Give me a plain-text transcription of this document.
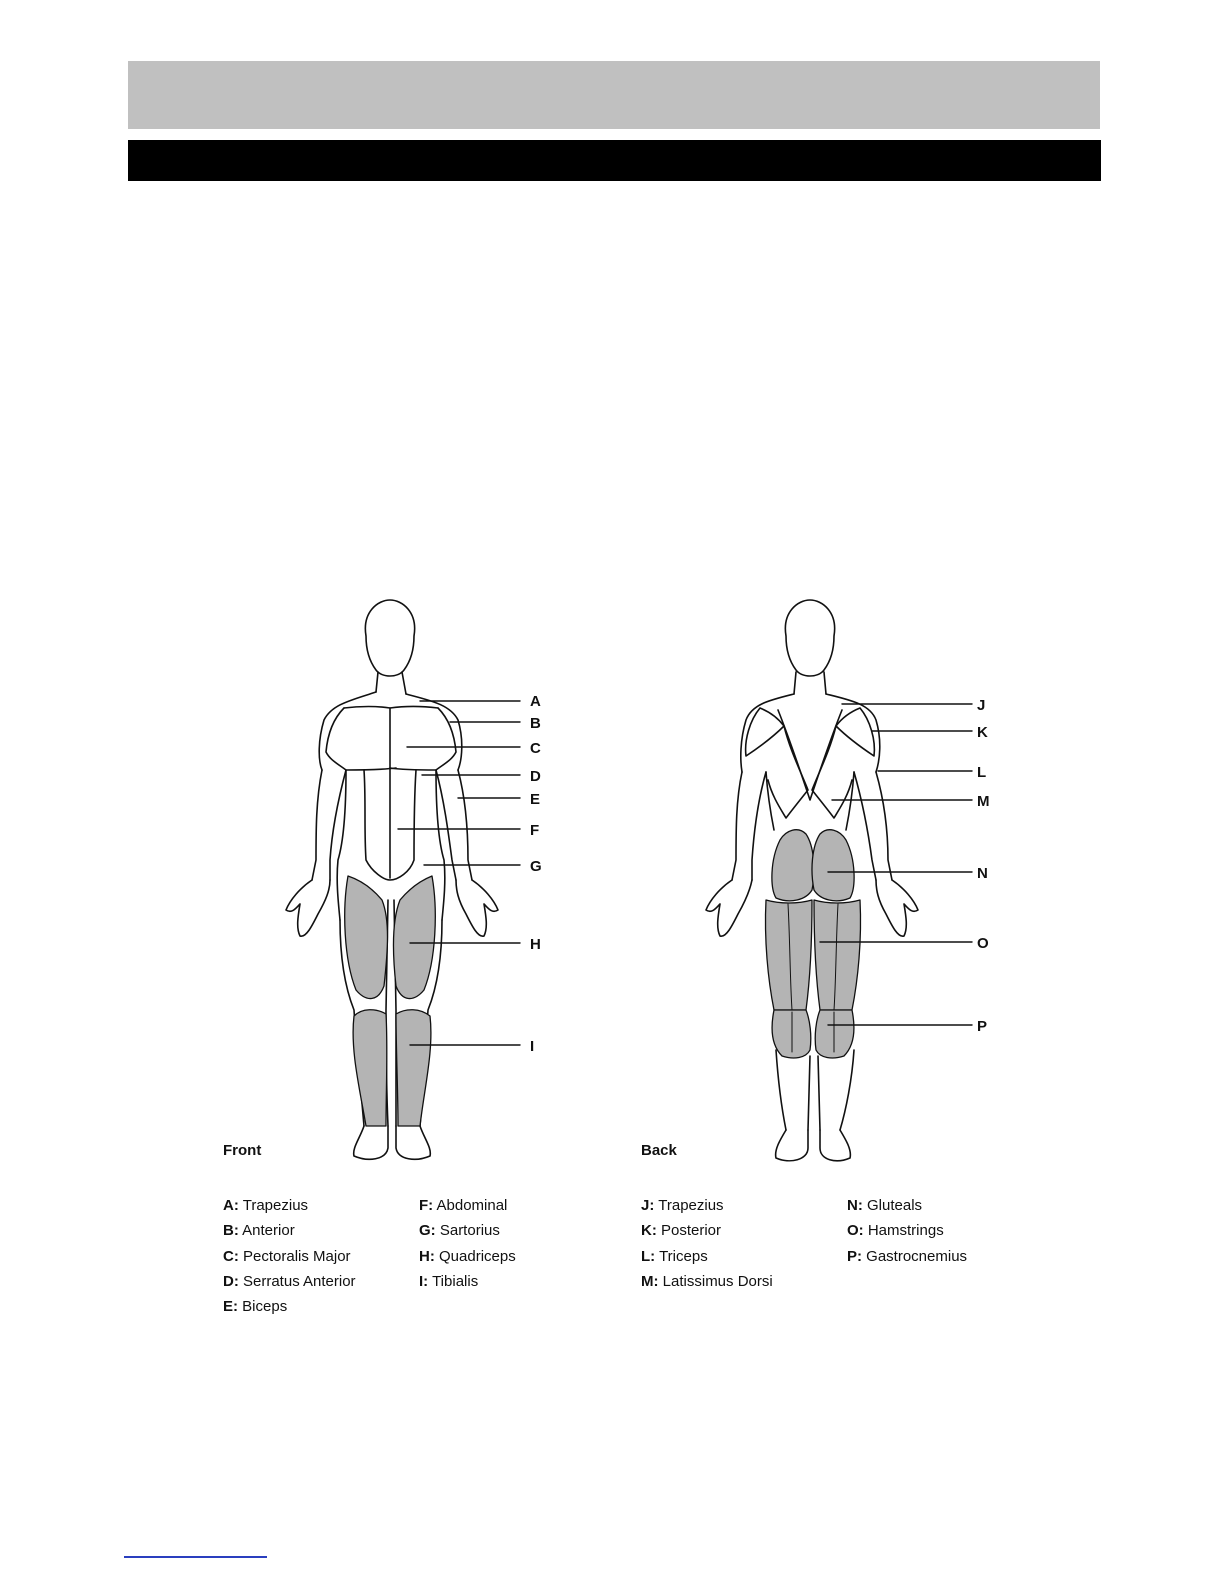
A
B
C
D
E
F
G
H
I
J
K
L
M
N
O
P
Front	Back
A: Trapezius
B: Anterior
C: Pectoralis Major
D: Serratus Anterior
E: Biceps
F: Abdominal
G: Sartorius
H: Quadriceps
I: Tibialis
J: Trapezius
K: Posterior
L: Triceps
M: Latissimus Dorsi
N: Gluteals
O: Hamstrings
P: Gastrocnemius
